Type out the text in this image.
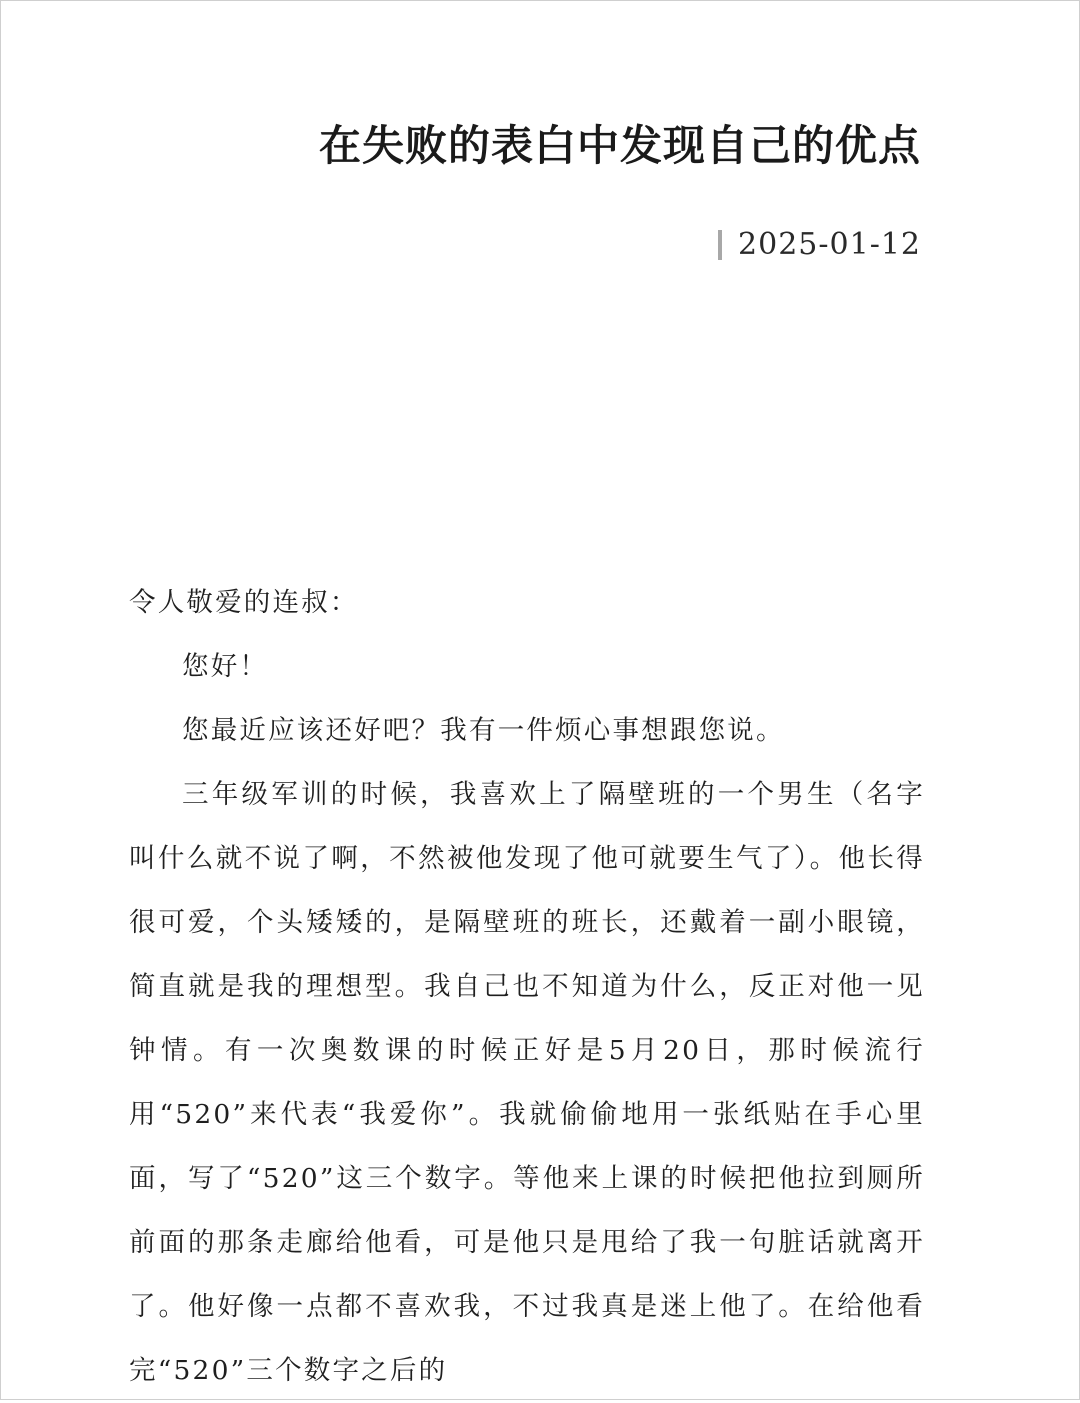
在失败的表白中发现自己的优点
2025-01-12

令人敬爱的连叔：

您好！

您最近应该还好吧？我有一件烦心事想跟您说。

三年级军训的时候，我喜欢上了隔壁班的一个男生（名字叫什么就不说了啊，不然被他发现了他可就要生气了）。他长得很可爱，个头矮矮的，是隔壁班的班长，还戴着一副小眼镜，简直就是我的理想型。我自己也不知道为什么，反正对他一见钟情。有一次奥数课的时候正好是5月20日，那时候流行用“520”来代表“我爱你”。我就偷偷地用一张纸贴在手心里面，写了“520”这三个数字。等他来上课的时候把他拉到厕所前面的那条走廊给他看，可是他只是甩给了我一句脏话就离开了。他好像一点都不喜欢我，不过我真是迷上他了。在给他看完“520”三个数字之后的
